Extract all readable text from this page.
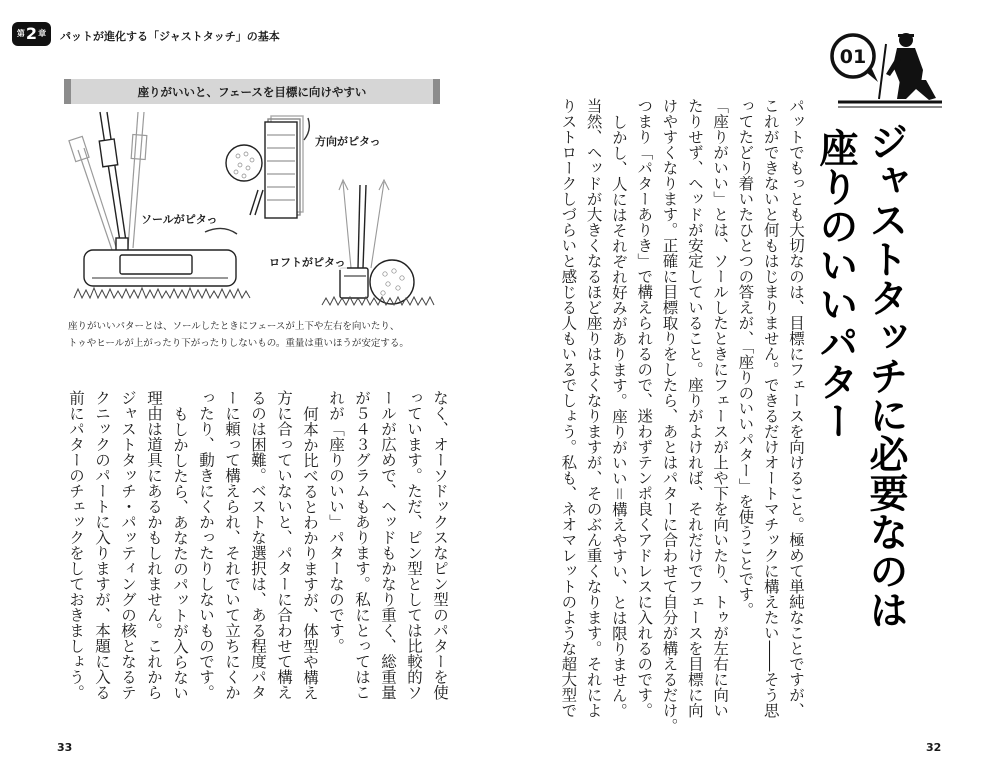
第 2 章 パットが進化する「ジャストタッチ」の基本
座りがいいと、フェースを目標に向けやすい
方向がピタっ
ソールがピタっ
ロフトがピタっ
座りがいいパターとは、ソールしたときにフェースが上下や左右を向いたり、
トゥやヒールが上がったり下がったりしないもの。重量は重いほうが安定する。
なく、オーソドックスなピン型のパターを使
っています。ただ、ピン型としては比較的ソ
ールが広めで、ヘッドもかなり重く、総重量
が５４３グラムもあります。私にとってはこ
れが「座りのいい」パターなのです。
何本か比べるとわかりますが、体型や構え
方に合っていないと、パターに合わせて構え
るのは困難。ベストな選択は、ある程度パタ
ーに頼って構えられ、それでいて立ちにくか
ったり、動きにくかったりしないものです。
もしかしたら、あなたのパットが入らない
理由は道具にあるかもしれません。これから
ジャストタッチ・パッティングの核となるテ
クニックのパートに入りますが、本題に入る
前にパターのチェックをしておきましょう。
33
01
ジャストタッチに必要なのは
座りのいいパター
パットでもっとも大切なのは、目標にフェースを向けること。極めて単純なことですが、
これができないと何もはじまりません。できるだけオートマチックに構えたい――そう思
ってたどり着いたひとつの答えが、「座りのいいパター」を使うことです。
「座りがいい」とは、ソールしたときにフェースが上や下を向いたり、トゥが左右に向い
たりせず、ヘッドが安定していること。座りがよければ、それだけでフェースを目標に向
けやすくなります。正確に目標取りをしたら、あとはパターに合わせて自分が構えるだけ。
つまり「パターありき」で構えられるので、迷わずテンポ良くアドレスに入れるのです。
しかし、人にはそれぞれ好みがあります。座りがいい＝構えやすい、とは限りません。
当然、ヘッドが大きくなるほど座りはよくなりますが、そのぶん重くなります。それによ
りストロークしづらいと感じる人もいるでしょう。私も、ネオマレットのような超大型で
32
